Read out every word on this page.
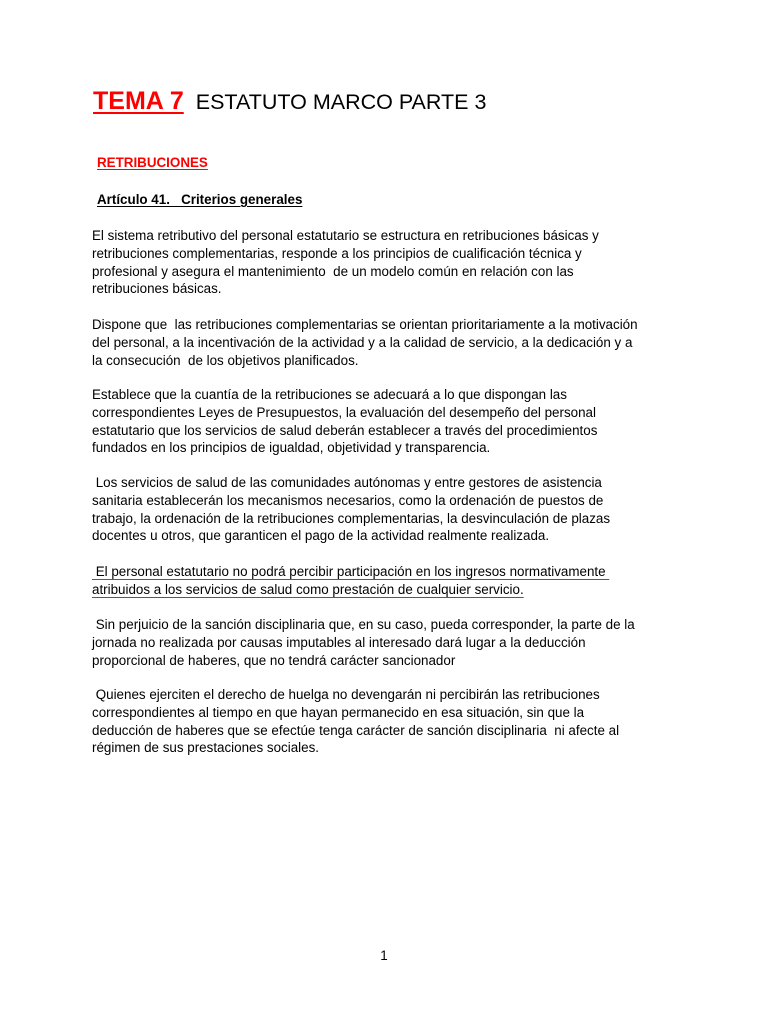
TEMA 7 ESTATUTO MARCO PARTE 3
RETRIBUCIONES
Artículo 41.   Criterios generales
El sistema retributivo del personal estatutario se estructura en retribuciones básicas y
retribuciones complementarias, responde a los principios de cualificación técnica y
profesional y asegura el mantenimiento  de un modelo común en relación con las
retribuciones básicas.
Dispone que  las retribuciones complementarias se orientan prioritariamente a la motivación
del personal, a la incentivación de la actividad y a la calidad de servicio, a la dedicación y a
la consecución  de los objetivos planificados.
Establece que la cuantía de la retribuciones se adecuará a lo que dispongan las
correspondientes Leyes de Presupuestos, la evaluación del desempeño del personal
estatutario que los servicios de salud deberán establecer a través del procedimientos
fundados en los principios de igualdad, objetividad y transparencia.
Los servicios de salud de las comunidades autónomas y entre gestores de asistencia
sanitaria establecerán los mecanismos necesarios, como la ordenación de puestos de
trabajo, la ordenación de la retribuciones complementarias, la desvinculación de plazas
docentes u otros, que garanticen el pago de la actividad realmente realizada.
El personal estatutario no podrá percibir participación en los ingresos normativamente
atribuidos a los servicios de salud como prestación de cualquier servicio.
Sin perjuicio de la sanción disciplinaria que, en su caso, pueda corresponder, la parte de la
jornada no realizada por causas imputables al interesado dará lugar a la deducción
proporcional de haberes, que no tendrá carácter sancionador
Quienes ejerciten el derecho de huelga no devengarán ni percibirán las retribuciones
correspondientes al tiempo en que hayan permanecido en esa situación, sin que la
deducción de haberes que se efectúe tenga carácter de sanción disciplinaria  ni afecte al
régimen de sus prestaciones sociales.
1
